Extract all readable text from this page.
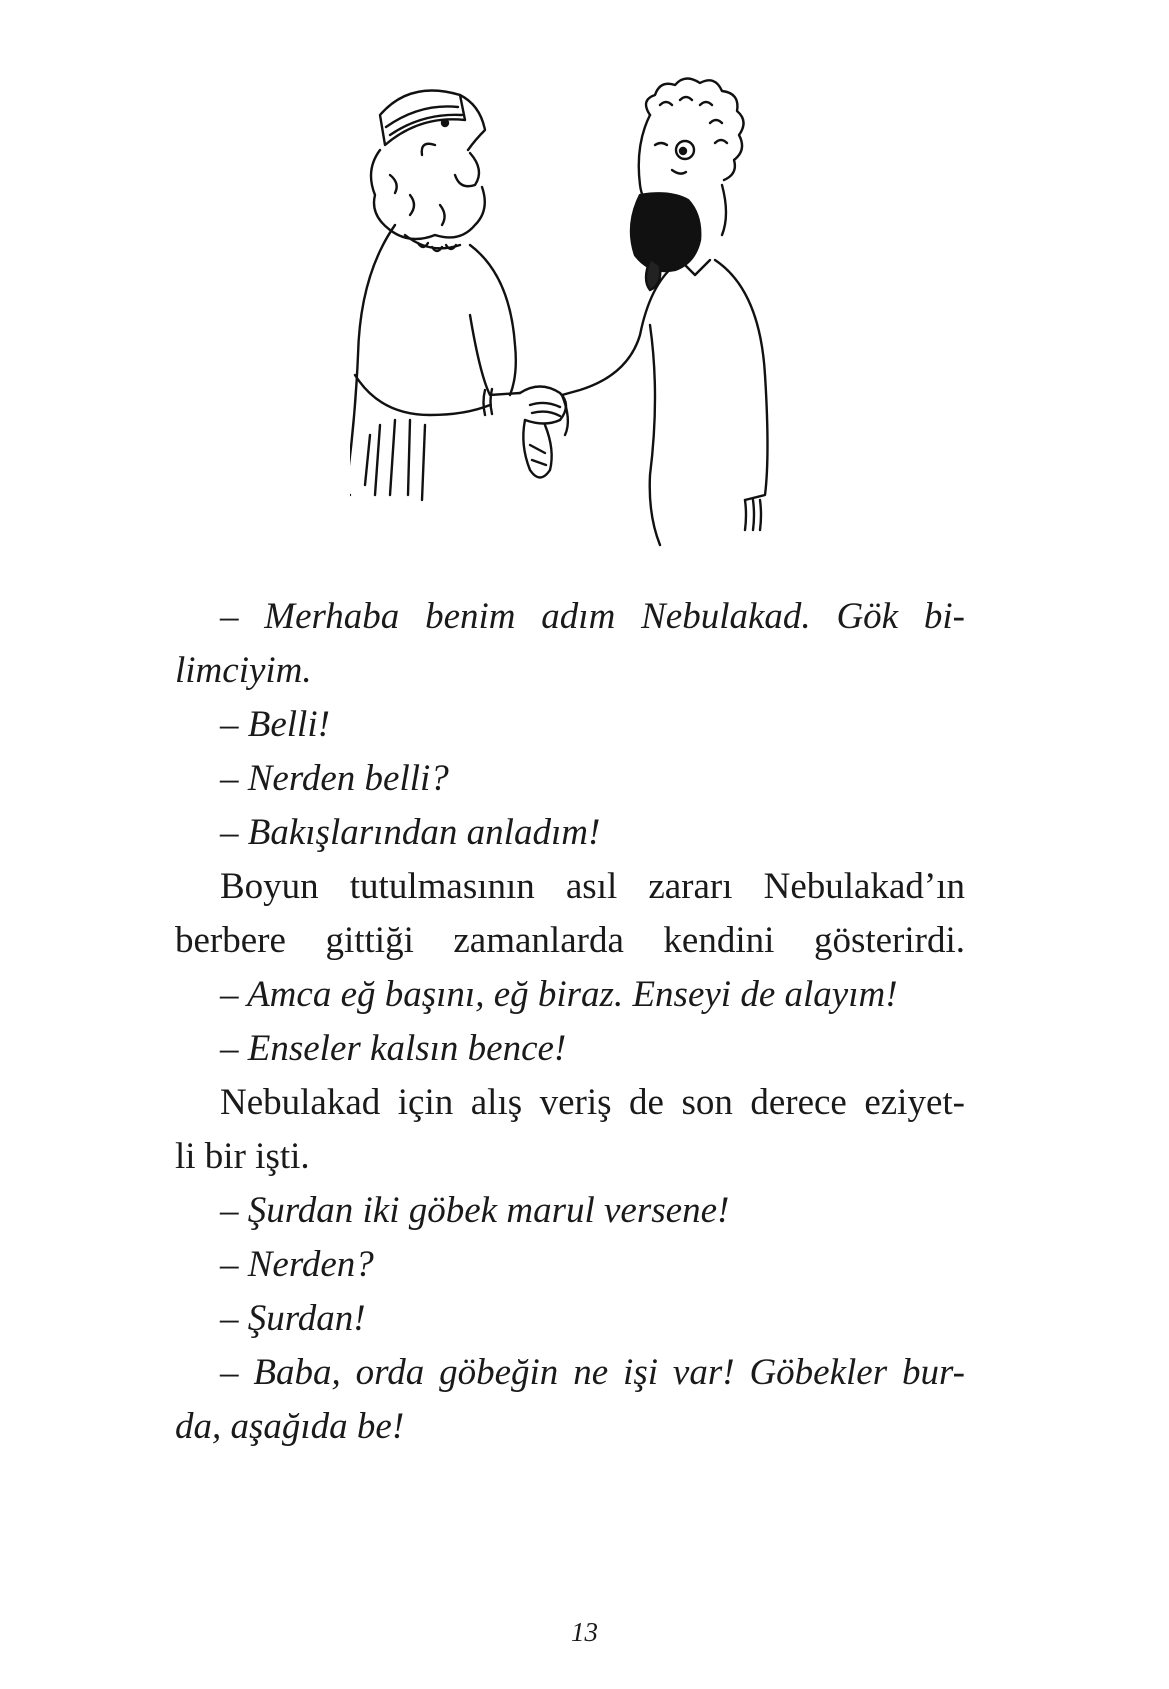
– Merhaba benim adım Nebulakad. Gök bi-
limciyim.
– Belli!
– Nerden belli?
– Bakışlarından anladım!
Boyun tutulmasının asıl zararı Nebulakad’ın
berbere gittiği zamanlarda kendini gösterirdi.
– Amca eğ başını, eğ biraz. Enseyi de alayım!
– Enseler kalsın bence!
Nebulakad için alış veriş de son derece eziyet-
li bir işti.
– Şurdan iki göbek marul versene!
– Nerden?
– Şurdan!
– Baba, orda göbeğin ne işi var! Göbekler bur-
da, aşağıda be!
13
